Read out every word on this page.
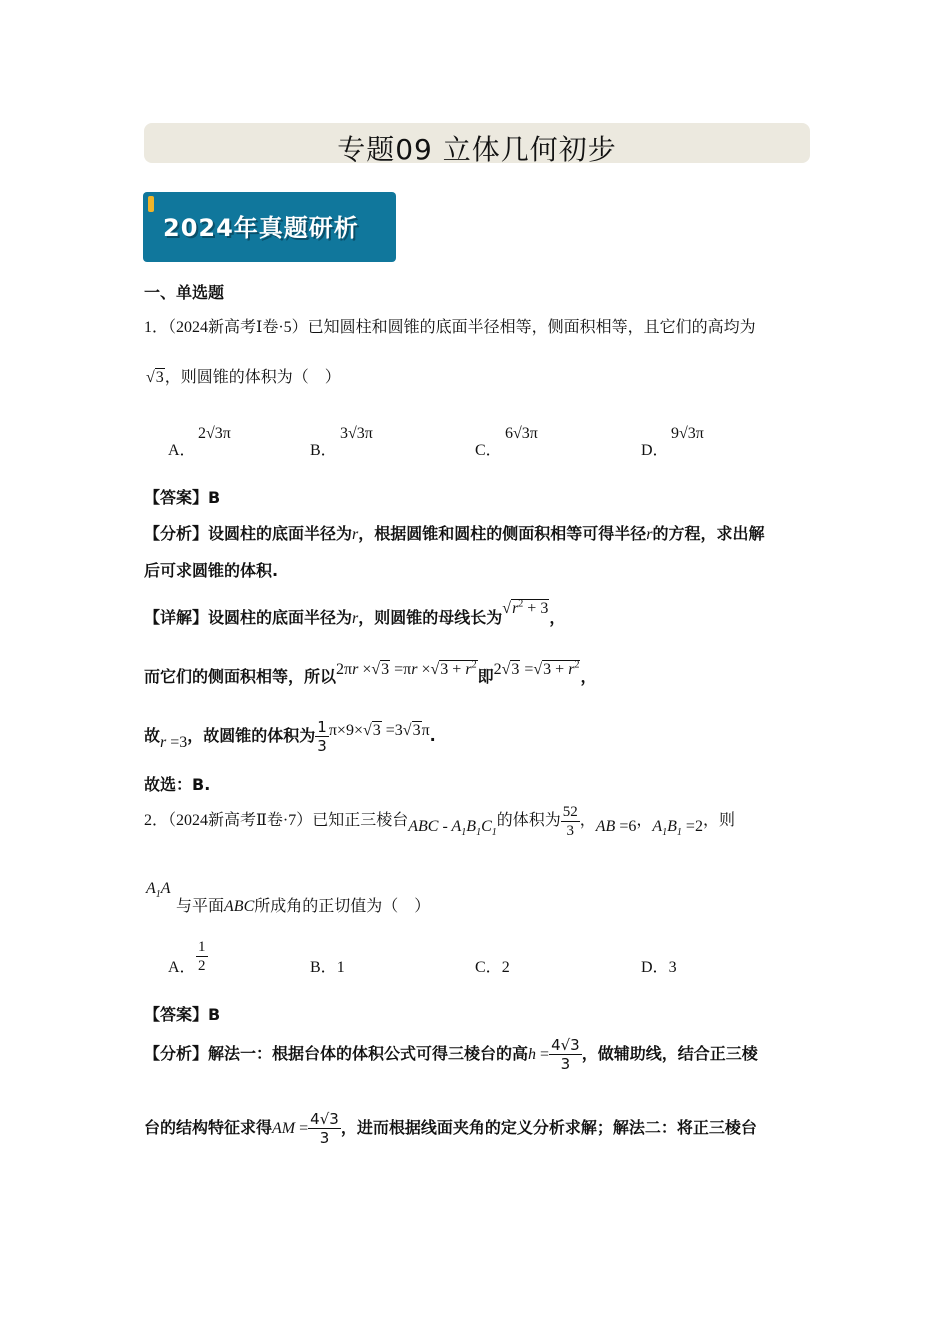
专题09 立体几何初步
2024年真题研析
一、单选题
1．（2024新高考Ⅰ卷·5）已知圆柱和圆锥的底面半径相等，侧面积相等，且它们的高均为
√3，则圆锥的体积为（　）
A．
2√3π
B．
3√3π
C．
6√3π
D．
9√3π
【答案】B
【分析】设圆柱的底面半径为r，根据圆锥和圆柱的侧面积相等可得半径r的方程，求出解
后可求圆锥的体积.
【详解】设圆柱的底面半径为r，则圆锥的母线长为$√r^2 + 3$，
而它们的侧面积相等，所以$2\pi r \times√3 =\pi r \times√3 + r^2$即$2√3 =√3 + r^2$，
故r =3，故圆锥的体积为 $\frac{1}{3} \pi\times 9\times√3 =3√3\pi$.
故选：B.
2．（2024新高考Ⅱ卷·7）已知正三棱台ABC - $A_1B_1C_1$的体积为 $\frac{52}{3}$ ，AB =6，$A_1B_1 =2$，则
$A_1A$
与平面ABC所成角的正切值为（　）
A． $\frac{1}{2}$	B．1	C．2	D．3
【答案】B
【分析】解法一：根据台体的体积公式可得三棱台的高$h = \frac{4√3}{3}$ ，做辅助线，结合正三棱
台的结构特征求得AM = $\frac{4√3}{3}$ ，进而根据线面夹角的定义分析求解；解法二：将正三棱台
